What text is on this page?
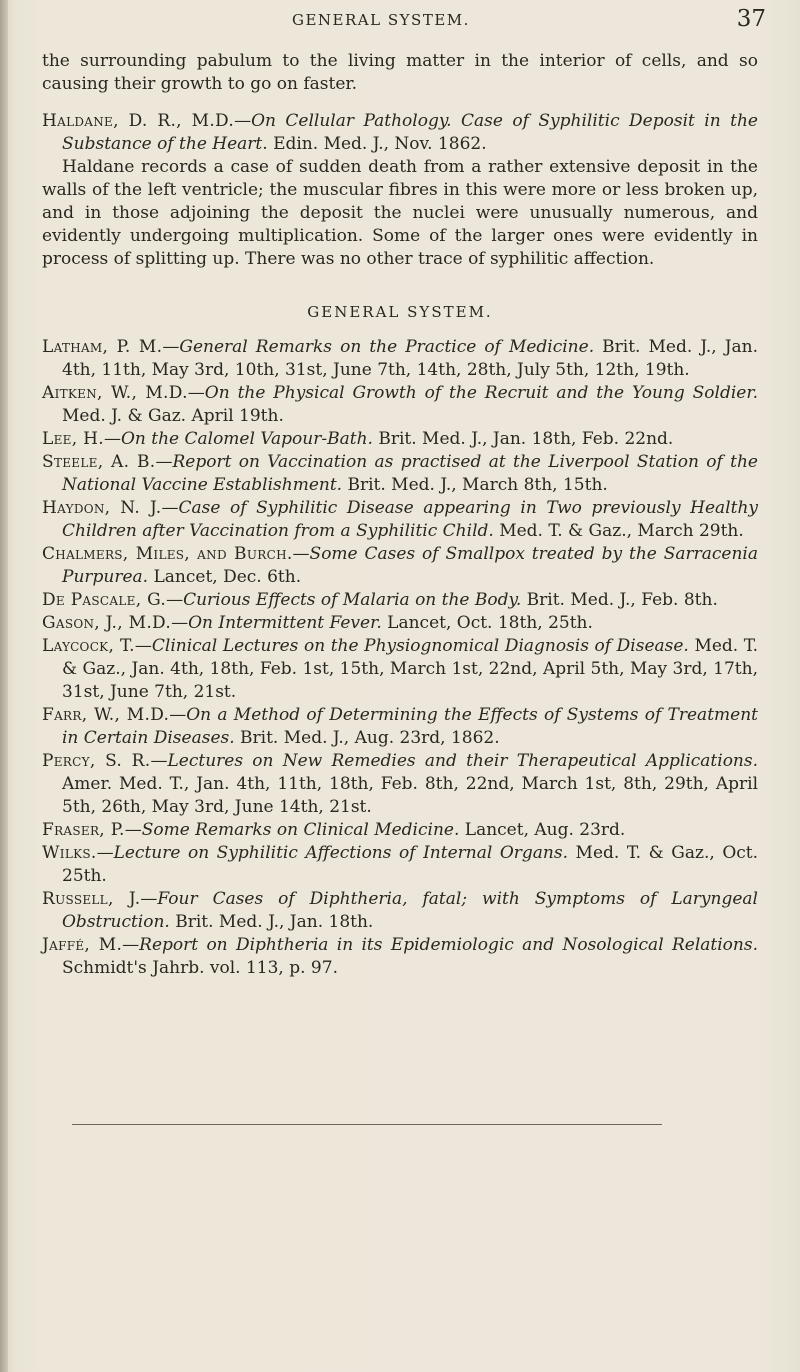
GENERAL SYSTEM.	37

the surrounding pabulum to the living matter in the interior of cells, and so causing their growth to go on faster.

Haldane, D. R., M.D.—On Cellular Pathology. Case of Syphilitic Deposit in the Substance of the Heart. Edin. Med. J., Nov. 1862.

Haldane records a case of sudden death from a rather extensive deposit in the walls of the left ventricle; the muscular fibres in this were more or less broken up, and in those adjoining the deposit the nuclei were unusually numerous, and evidently undergoing multiplication. Some of the larger ones were evidently in process of splitting up. There was no other trace of syphilitic affection.

GENERAL SYSTEM.

Latham, P. M.—General Remarks on the Practice of Medicine. Brit. Med. J., Jan. 4th, 11th, May 3rd, 10th, 31st, June 7th, 14th, 28th, July 5th, 12th, 19th.

Aitken, W., M.D.—On the Physical Growth of the Recruit and the Young Soldier. Med. J. & Gaz. April 19th.

Lee, H.—On the Calomel Vapour-Bath. Brit. Med. J., Jan. 18th, Feb. 22nd.

Steele, A. B.—Report on Vaccination as practised at the Liverpool Station of the National Vaccine Establishment. Brit. Med. J., March 8th, 15th.

Haydon, N. J.—Case of Syphilitic Disease appearing in Two previously Healthy Children after Vaccination from a Syphilitic Child. Med. T. & Gaz., March 29th.

Chalmers, Miles, and Burch.—Some Cases of Smallpox treated by the Sarracenia Purpurea. Lancet, Dec. 6th.

De Pascale, G.—Curious Effects of Malaria on the Body. Brit. Med. J., Feb. 8th.

Gason, J., M.D.—On Intermittent Fever. Lancet, Oct. 18th, 25th.

Laycock, T.—Clinical Lectures on the Physiognomical Diagnosis of Disease. Med. T. & Gaz., Jan. 4th, 18th, Feb. 1st, 15th, March 1st, 22nd, April 5th, May 3rd, 17th, 31st, June 7th, 21st.

Farr, W., M.D.—On a Method of Determining the Effects of Systems of Treatment in Certain Diseases. Brit. Med. J., Aug. 23rd, 1862.

Percy, S. R.—Lectures on New Remedies and their Therapeutical Applications. Amer. Med. T., Jan. 4th, 11th, 18th, Feb. 8th, 22nd, March 1st, 8th, 29th, April 5th, 26th, May 3rd, June 14th, 21st.

Fraser, P.—Some Remarks on Clinical Medicine. Lancet, Aug. 23rd.

Wilks.—Lecture on Syphilitic Affections of Internal Organs. Med. T. & Gaz., Oct. 25th.

Russell, J.—Four Cases of Diphtheria, fatal; with Symptoms of Laryngeal Obstruction. Brit. Med. J., Jan. 18th.

Jaffé, M.—Report on Diphtheria in its Epidemiologic and Nosological Relations. Schmidt's Jahrb. vol. 113, p. 97.
